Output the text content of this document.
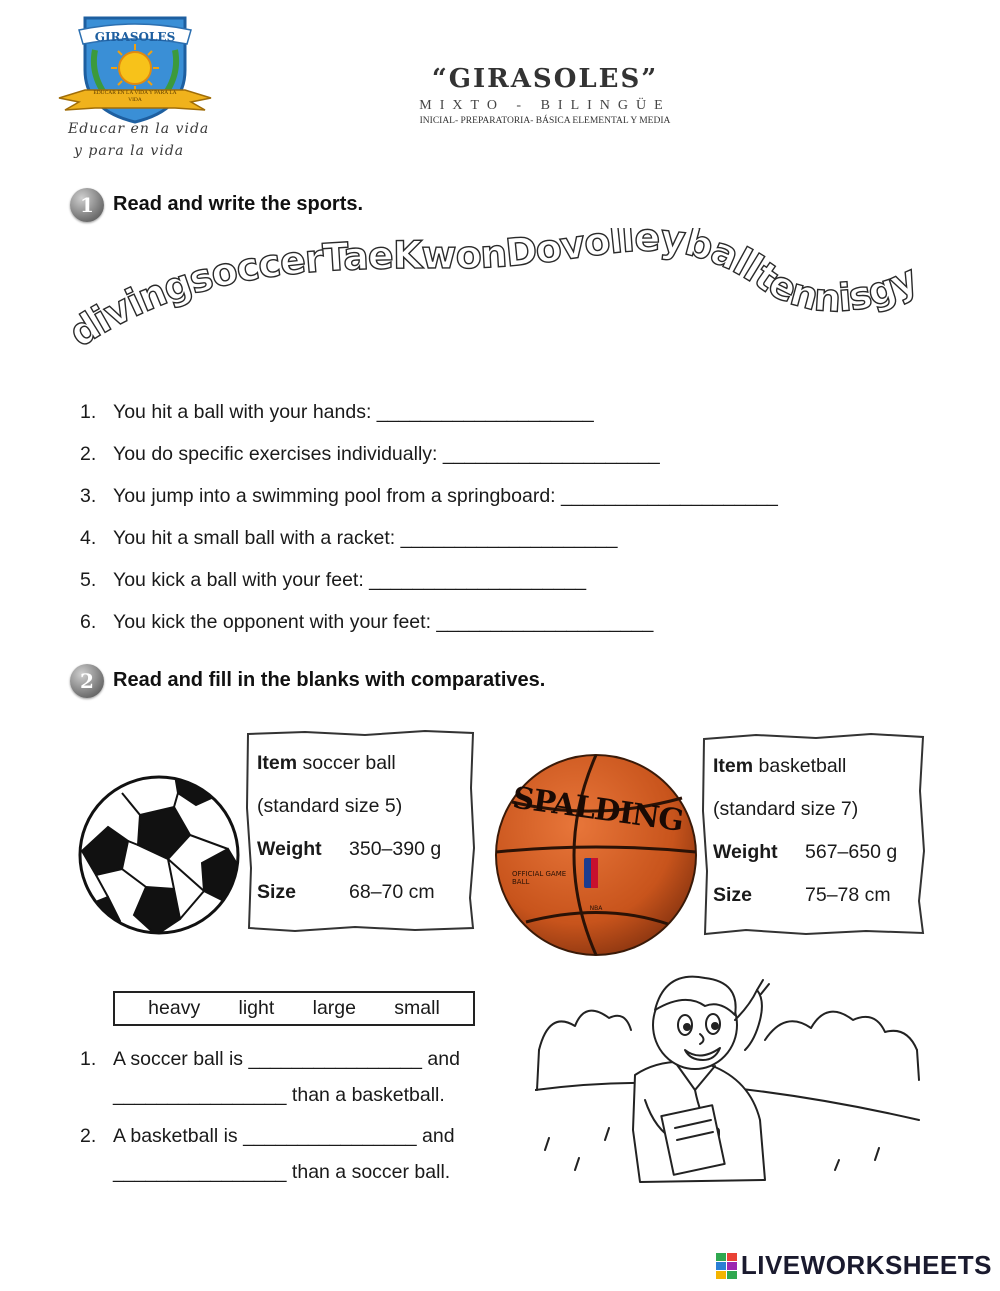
GIRASOLES
EDUCAR EN LA VIDA Y PARA LA VIDA
Educar en la vida
y para la vida
“GIRASOLES”
MIXTO - BILINGÜE
INICIAL- PREPARATORIA- BÁSICA ELEMENTAL Y MEDIA
1 Read and write the sports.
divingsoccerTaeKwonDovolleyballtennisgy
1. You hit a ball with your hands: ____________________
2. You do specific exercises individually: ____________________
3. You jump into a swimming pool from a springboard: ____________________
4. You hit a small ball with a racket: ____________________
5. You kick a ball with your feet: ____________________
6. You kick the opponent with your feet: ____________________
2 Read and fill in the blanks with comparatives.
Item soccer ball
(standard size 5)
Weight	350–390 g
Size	68–70 cm
NBA
SPALDING
OFFICIAL GAME BALL
Item basketball
(standard size 7)
Weight	567–650 g
Size	75–78 cm
heavy light large small
1. A soccer ball is ________________ and
________________ than a basketball.
2. A basketball is ________________ and
________________ than a soccer ball.
LIVEWORKSHEETS
